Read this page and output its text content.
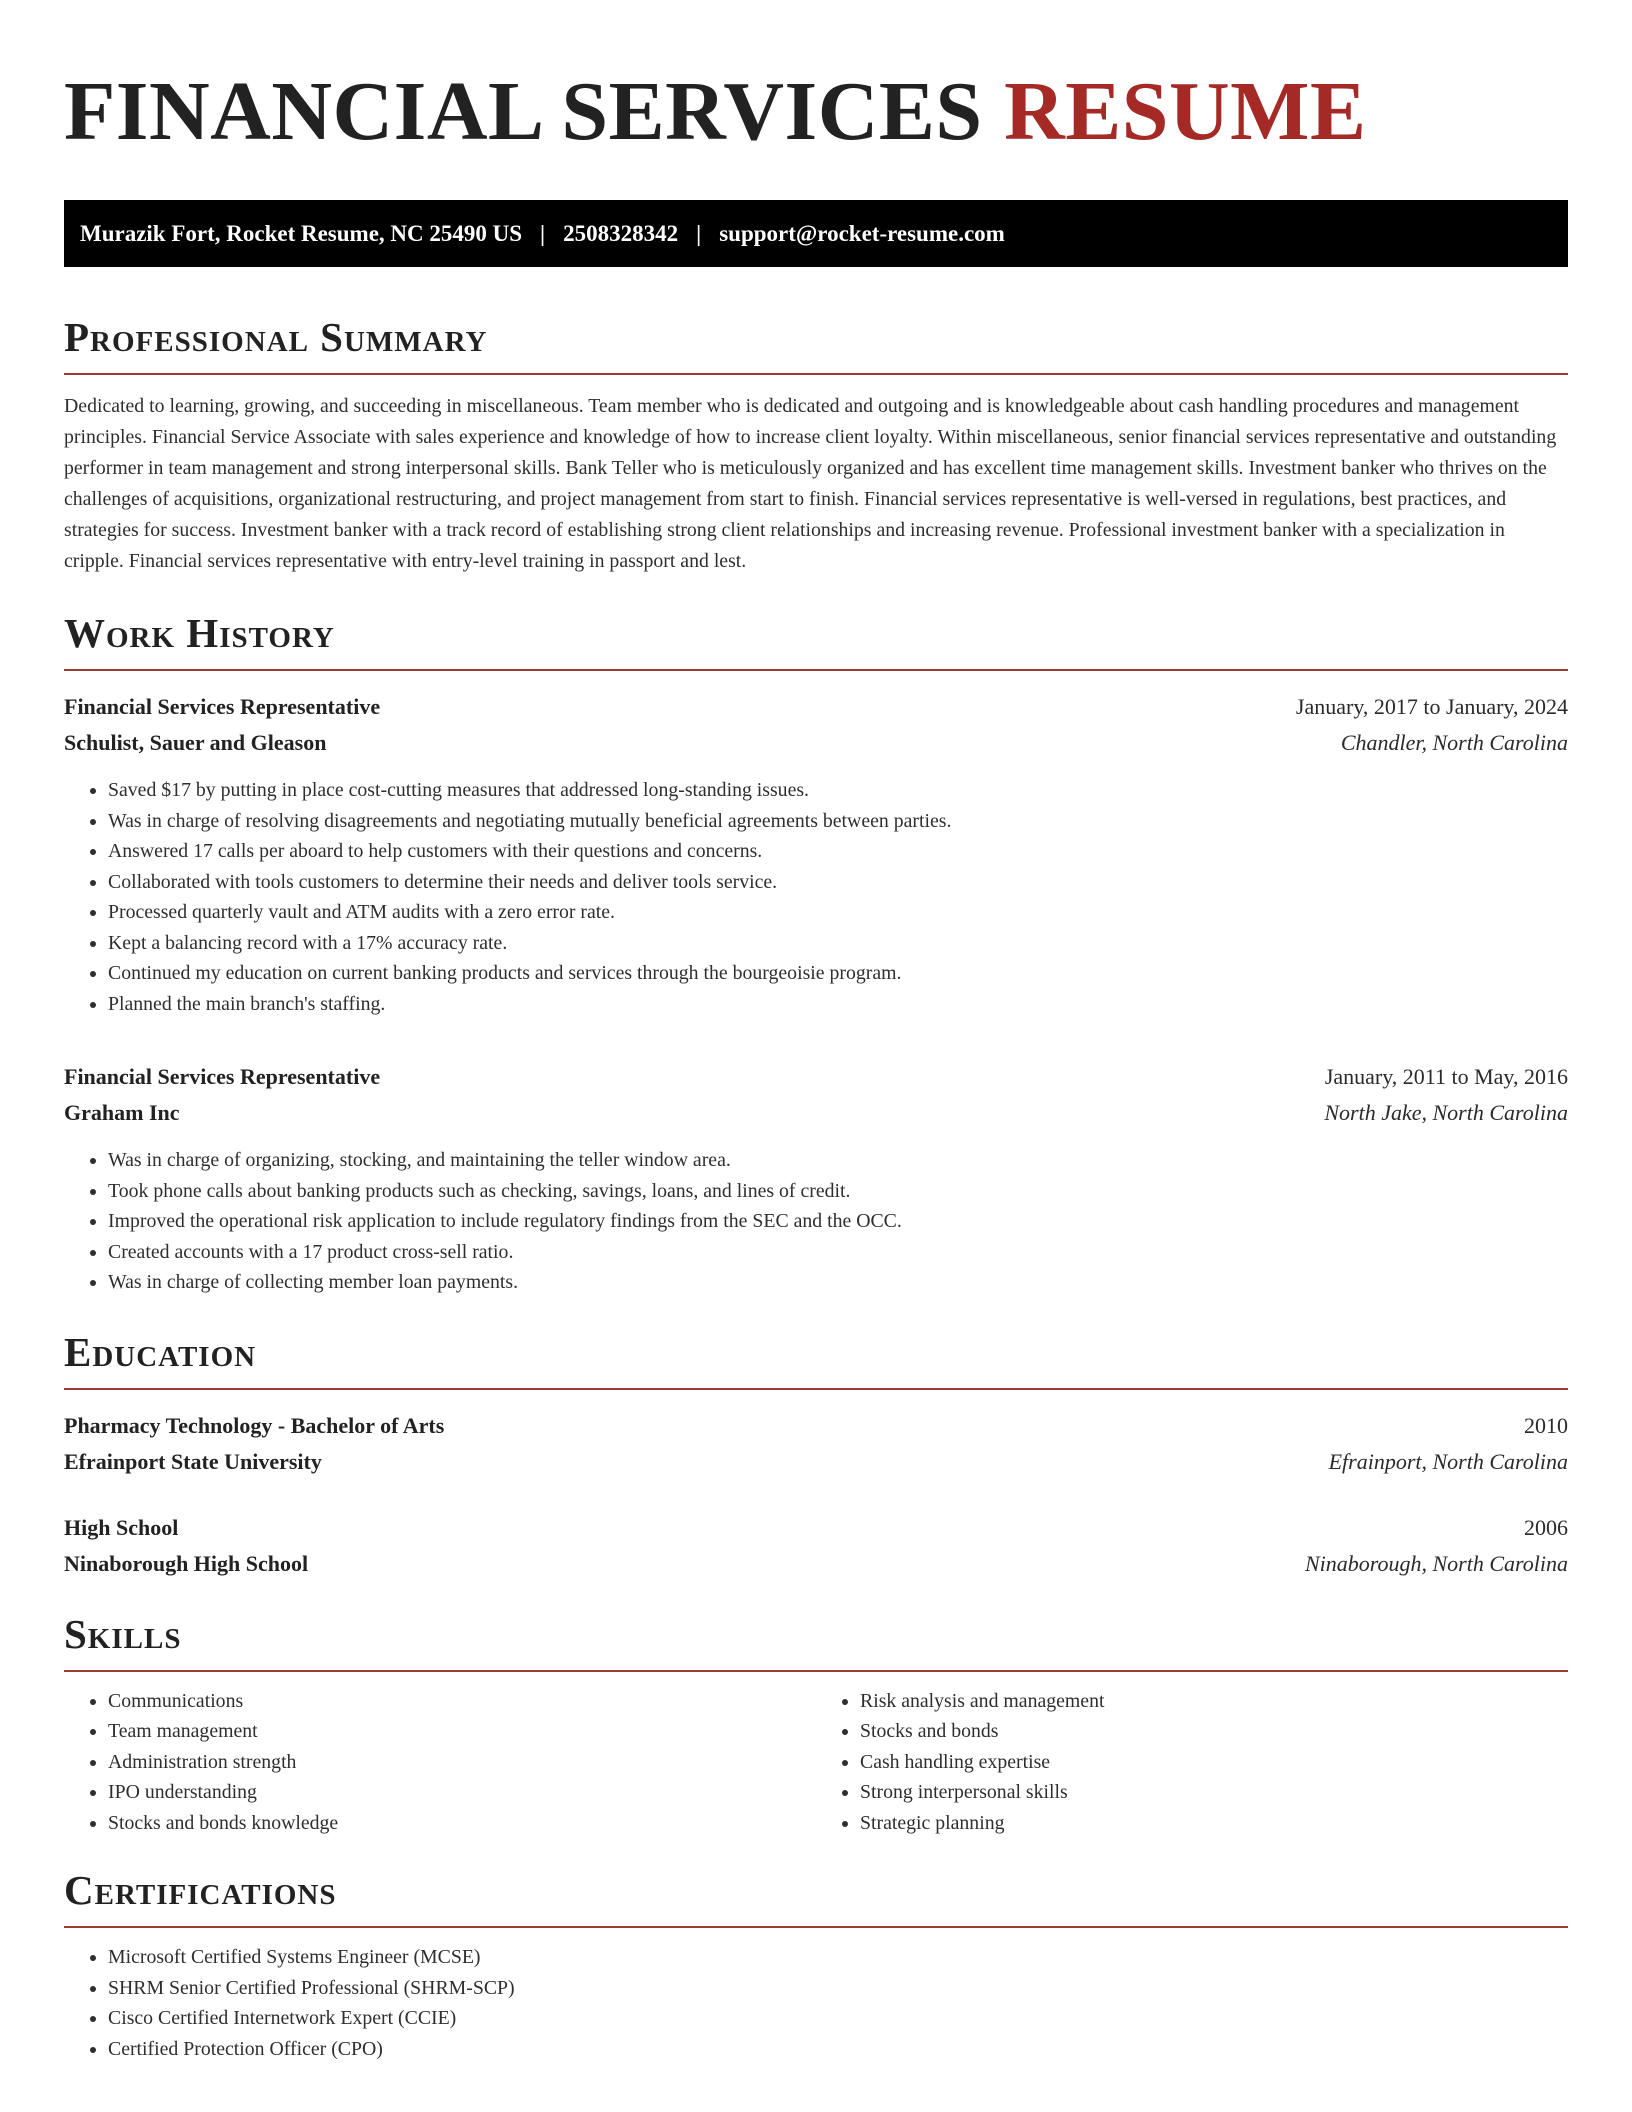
FINANCIAL SERVICES RESUME
Murazik Fort, Rocket Resume, NC 25490 US | 2508328342 | support@rocket-resume.com
Professional Summary

Dedicated to learning, growing, and succeeding in miscellaneous. Team member who is dedicated and outgoing and is knowledgeable about cash handling procedures and management principles. Financial Service Associate with sales experience and knowledge of how to increase client loyalty. Within miscellaneous, senior financial services representative and outstanding performer in team management and strong interpersonal skills. Bank Teller who is meticulously organized and has excellent time management skills. Investment banker who thrives on the challenges of acquisitions, organizational restructuring, and project management from start to finish. Financial services representative is well-versed in regulations, best practices, and strategies for success. Investment banker with a track record of establishing strong client relationships and increasing revenue. Professional investment banker with a specialization in cripple. Financial services representative with entry-level training in passport and lest.

Work History
Financial Services Representative	January, 2017 to January, 2024
Schulist, Sauer and Gleason	Chandler, North Carolina
• Saved $17 by putting in place cost-cutting measures that addressed long-standing issues.
• Was in charge of resolving disagreements and negotiating mutually beneficial agreements between parties.
• Answered 17 calls per aboard to help customers with their questions and concerns.
• Collaborated with tools customers to determine their needs and deliver tools service.
• Processed quarterly vault and ATM audits with a zero error rate.
• Kept a balancing record with a 17% accuracy rate.
• Continued my education on current banking products and services through the bourgeoisie program.
• Planned the main branch's staffing.
Financial Services Representative	January, 2011 to May, 2016
Graham Inc	North Jake, North Carolina
• Was in charge of organizing, stocking, and maintaining the teller window area.
• Took phone calls about banking products such as checking, savings, loans, and lines of credit.
• Improved the operational risk application to include regulatory findings from the SEC and the OCC.
• Created accounts with a 17 product cross-sell ratio.
• Was in charge of collecting member loan payments.
Education
Pharmacy Technology - Bachelor of Arts	2010
Efrainport State University	Efrainport, North Carolina
High School	2006
Ninaborough High School	Ninaborough, North Carolina
Skills
• Communications
• Team management
• Administration strength
• IPO understanding
• Stocks and bonds knowledge
• Risk analysis and management
• Stocks and bonds
• Cash handling expertise
• Strong interpersonal skills
• Strategic planning
Certifications
• Microsoft Certified Systems Engineer (MCSE)
• SHRM Senior Certified Professional (SHRM-SCP)
• Cisco Certified Internetwork Expert (CCIE)
• Certified Protection Officer (CPO)
